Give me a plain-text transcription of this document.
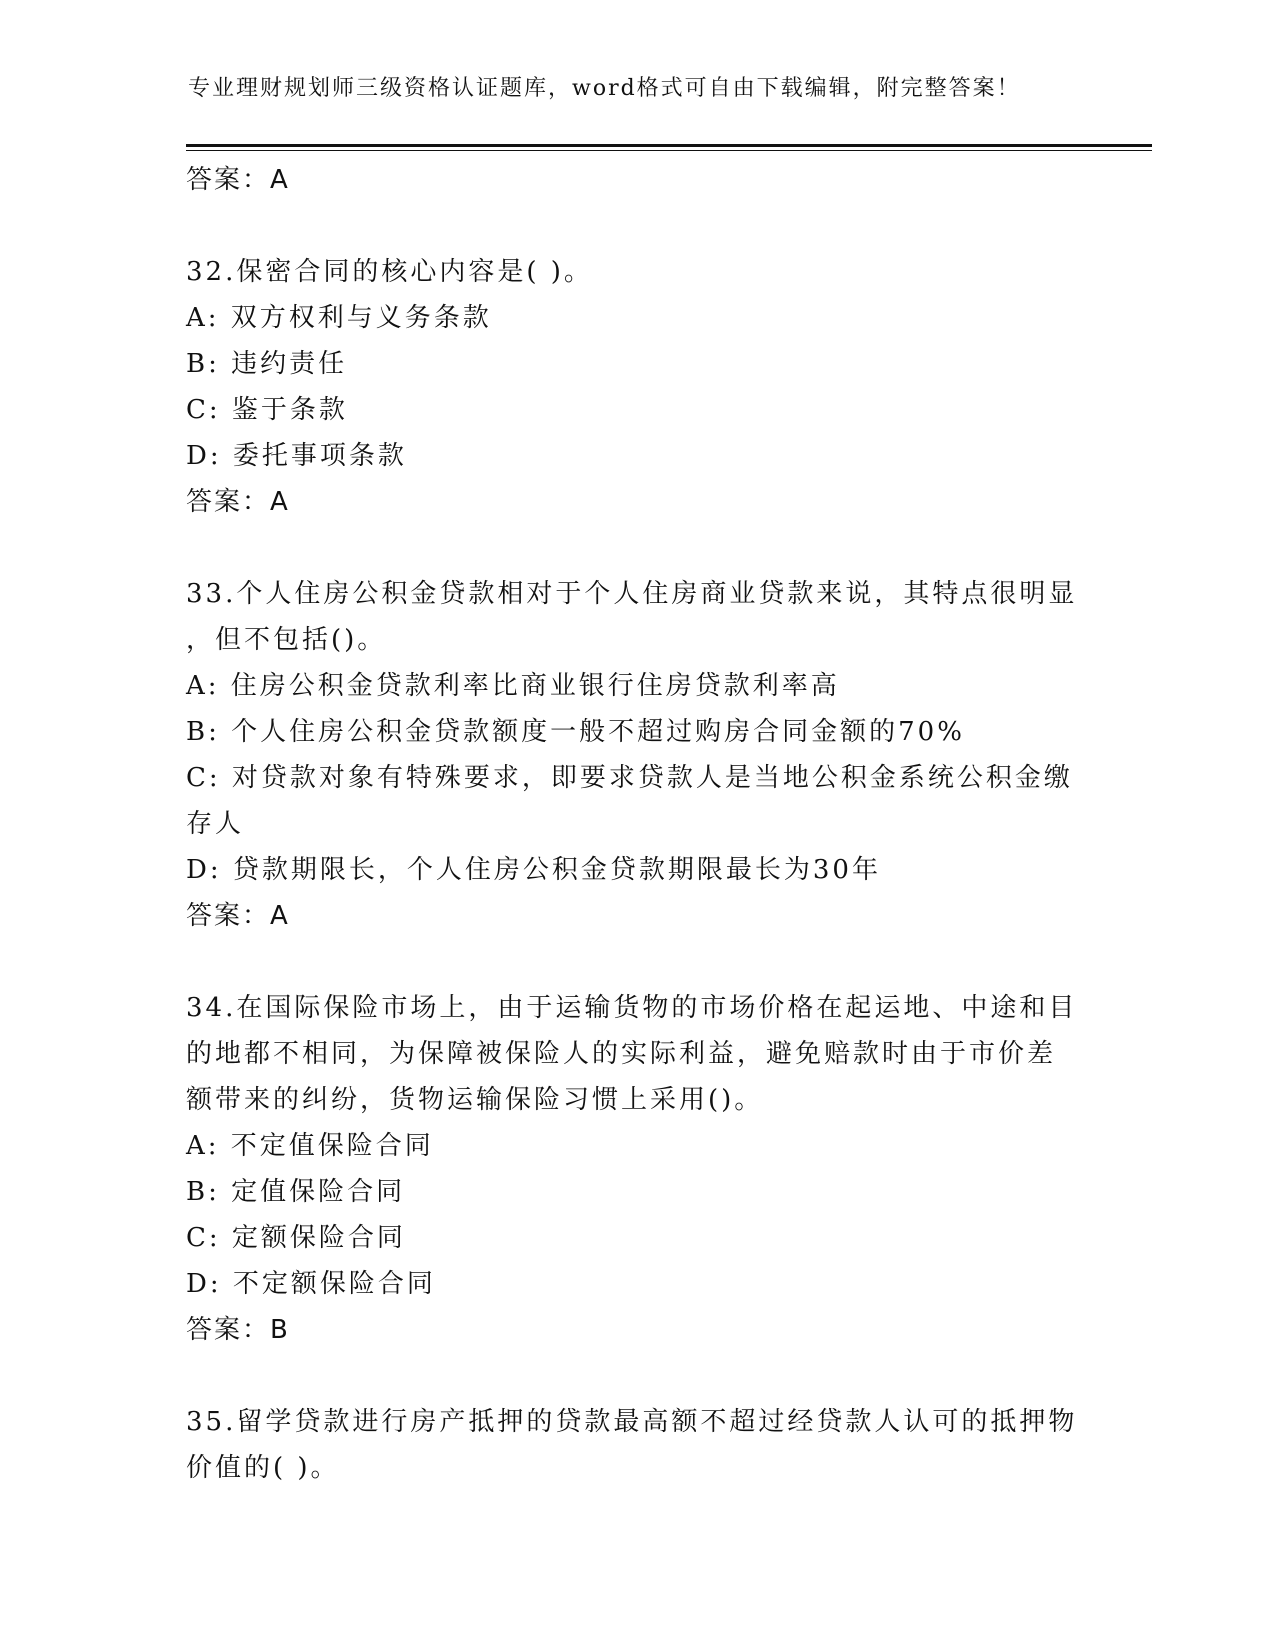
专业理财规划师三级资格认证题库，word格式可自由下载编辑，附完整答案！
答案：A
32.保密合同的核心内容是( )。
A: 双方权利与义务条款
B: 违约责任
C: 鉴于条款
D: 委托事项条款
答案：A
33.个人住房公积金贷款相对于个人住房商业贷款来说，其特点很明显
，但不包括()。
A: 住房公积金贷款利率比商业银行住房贷款利率高
B: 个人住房公积金贷款额度一般不超过购房合同金额的70%
C: 对贷款对象有特殊要求，即要求贷款人是当地公积金系统公积金缴
存人
D: 贷款期限长，个人住房公积金贷款期限最长为30年
答案：A
34.在国际保险市场上，由于运输货物的市场价格在起运地、中途和目
的地都不相同，为保障被保险人的实际利益，避免赔款时由于市价差
额带来的纠纷，货物运输保险习惯上采用()。
A: 不定值保险合同
B: 定值保险合同
C: 定额保险合同
D: 不定额保险合同
答案：B
35.留学贷款进行房产抵押的贷款最高额不超过经贷款人认可的抵押物
价值的( )。
